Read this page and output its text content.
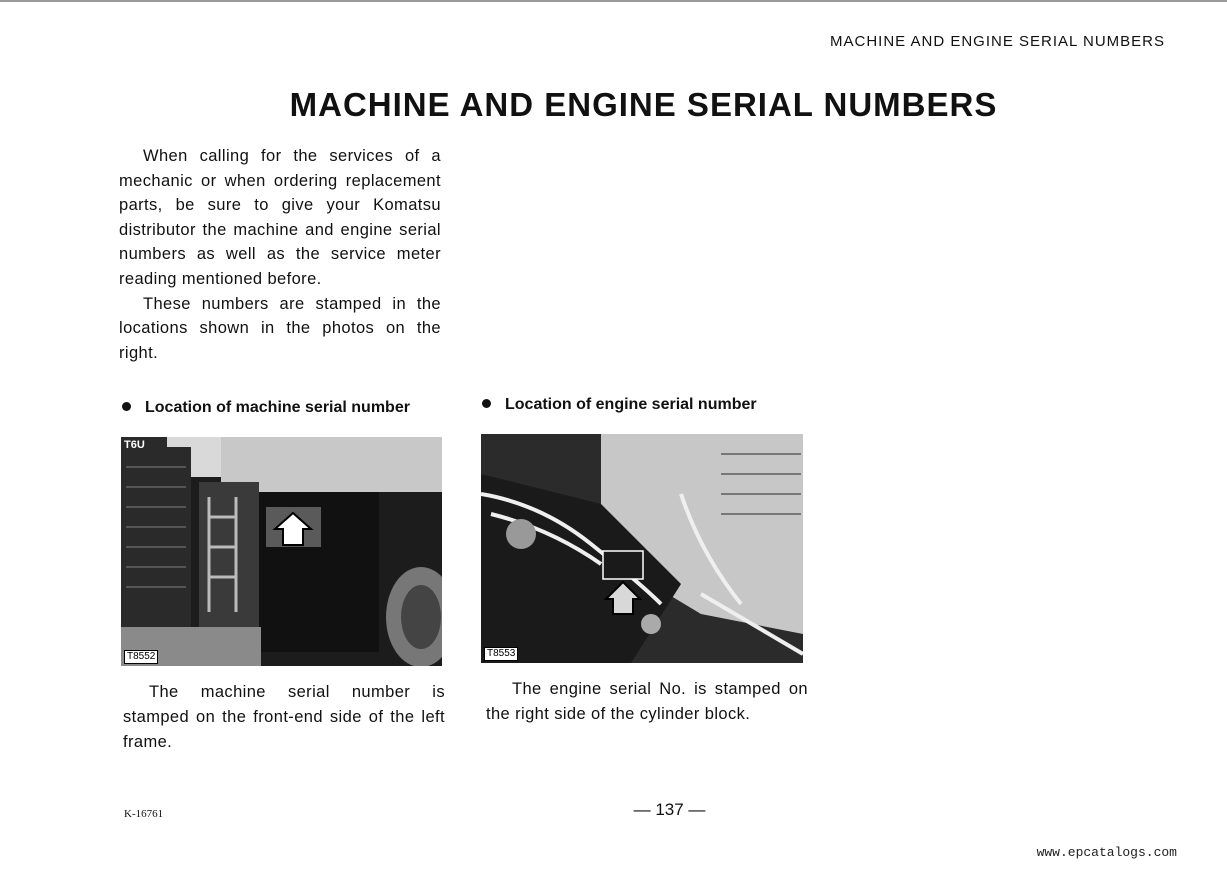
MACHINE AND ENGINE SERIAL NUMBERS
MACHINE AND ENGINE SERIAL NUMBERS

When calling for the services of a mechanic or when ordering replacement parts, be sure to give your Komatsu distributor the machine and engine serial numbers as well as the service meter reading mentioned before.

These numbers are stamped in the locations shown in the photos on the right.

Location of machine serial number	Location of engine serial number
T6U
T8552	T8553

The machine serial number is stamped on the front-end side of the left frame.

The engine serial No. is stamped on the right side of the cylinder block.

K-16761	— 137 —
www.epcatalogs.com
